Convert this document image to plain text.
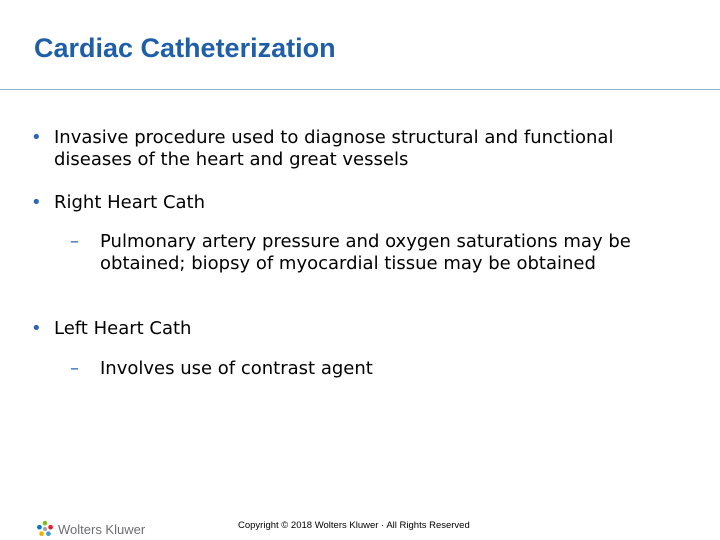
Cardiac Catheterization
• Invasive procedure used to diagnose structural and functional diseases of the heart and great vessels
• Right Heart Cath
– Pulmonary artery pressure and oxygen saturations may be obtained; biopsy of myocardial tissue may be obtained
• Left Heart Cath
– Involves use of contrast agent
Wolters Kluwer	Copyright © 2018 Wolters Kluwer · All Rights Reserved
